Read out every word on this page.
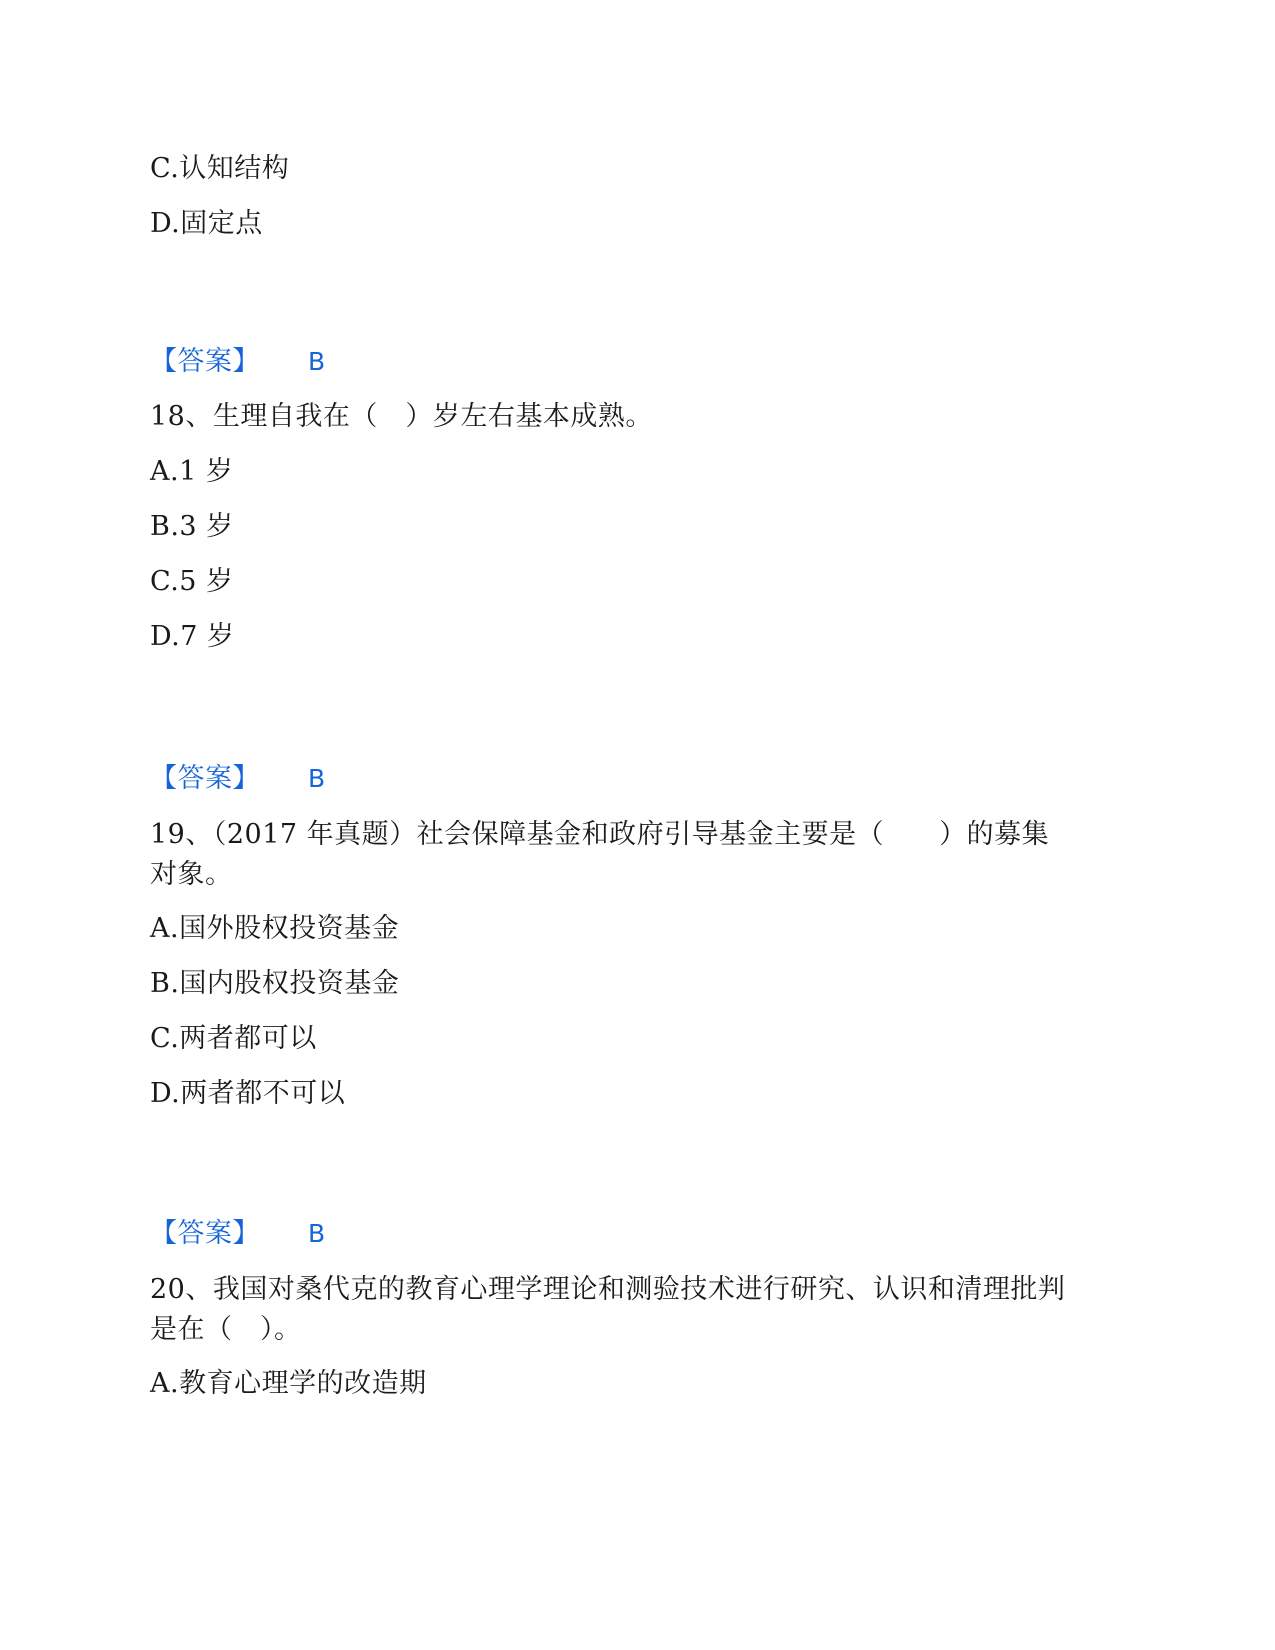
C.认知结构
D.固定点
【答案】 B
18、生理自我在（　）岁左右基本成熟。
A.1 岁
B.3 岁
C.5 岁
D.7 岁
【答案】 B
19、（2017 年真题）社会保障基金和政府引导基金主要是（　　）的募集对象。
A.国外股权投资基金
B.国内股权投资基金
C.两者都可以
D.两者都不可以
【答案】 B
20、我国对桑代克的教育心理学理论和测验技术进行研究、认识和清理批判是在（　）。
A.教育心理学的改造期
